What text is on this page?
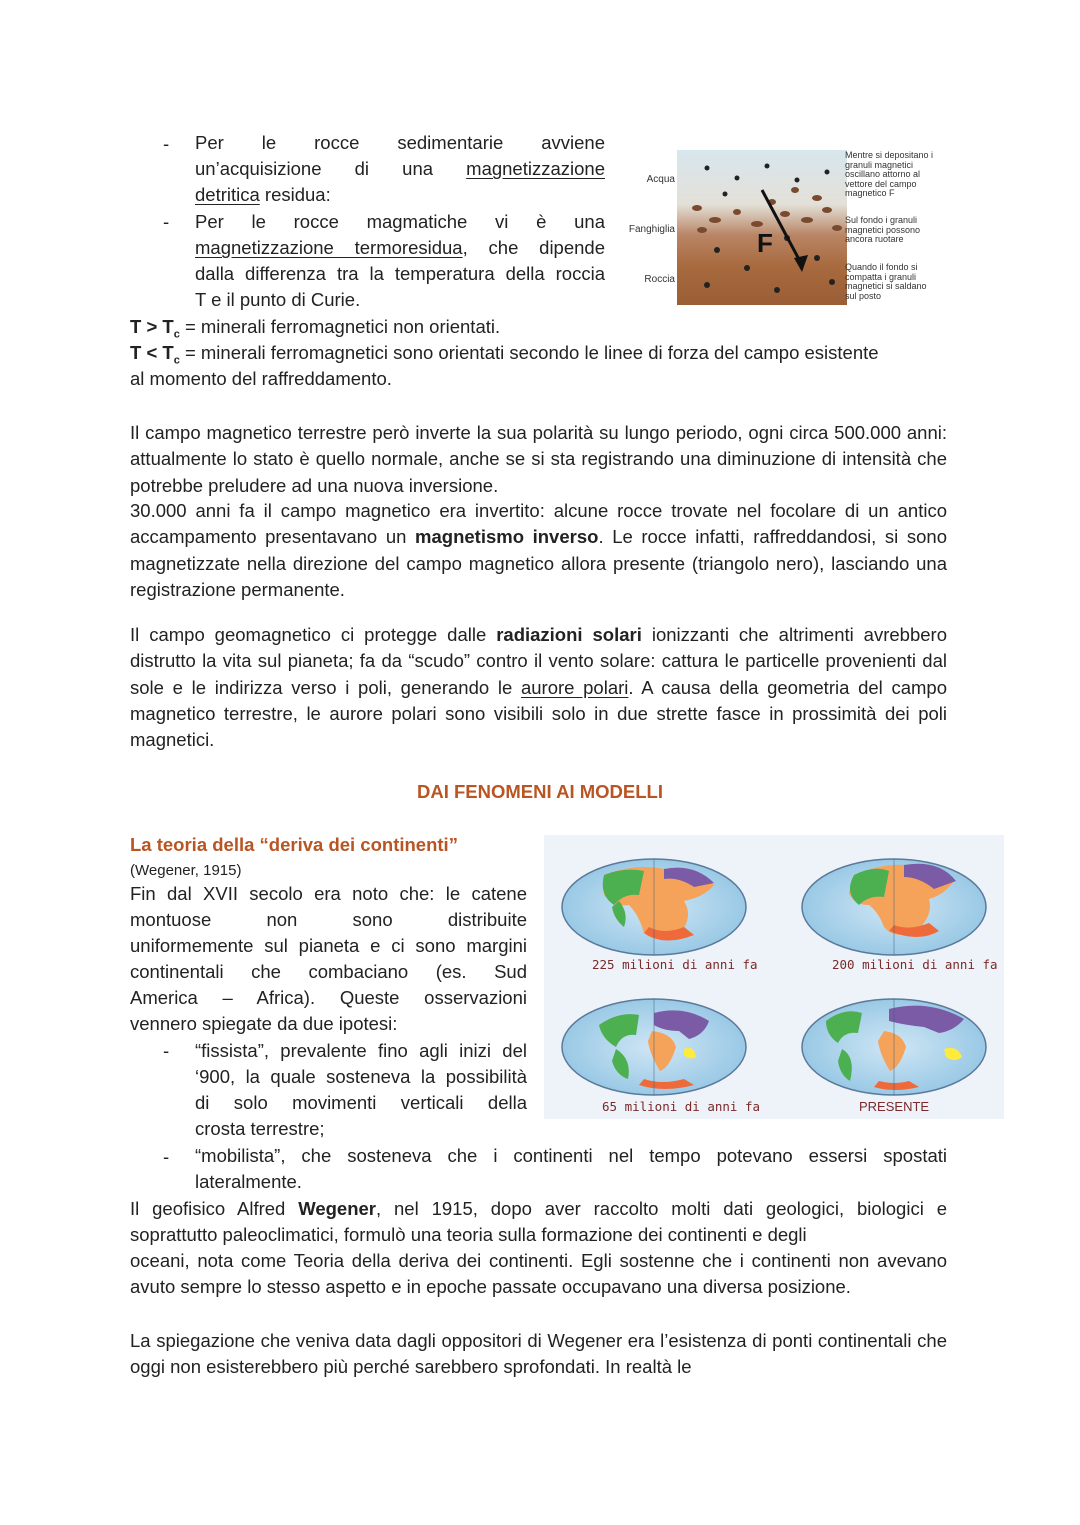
- Per le rocce sedimentarie avviene
un’acquisizione di una magnetizzazione
detritica residua:
- Per le rocce magmatiche vi è una
magnetizzazione termoresidua, che dipende
dalla differenza tra la temperatura della roccia
T e il punto di Curie.
$T > T_c$ = minerali ferromagnetici non orientati.
$T < T_c$ = minerali ferromagnetici sono orientati secondo le linee di forza del campo esistente
al momento del raffreddamento.
Acqua
Fanghiglia
Roccia
F
Mentre si depositano i granuli magnetici oscillano attorno al vettore del campo magnetico F
Sul fondo i granuli magnetici possono ancora ruotare
Quando il fondo si compatta i granuli magnetici si saldano sul posto
Il campo magnetico terrestre però inverte la sua polarità su lungo periodo, ogni circa 500.000 anni: attualmente lo stato è quello normale, anche se si sta registrando una diminuzione di intensità che potrebbe preludere ad una nuova inversione.
30.000 anni fa il campo magnetico era invertito: alcune rocce trovate nel focolare di un antico accampamento presentavano un magnetismo inverso. Le rocce infatti, raffreddandosi, si sono magnetizzate nella direzione del campo magnetico allora presente (triangolo nero), lasciando una registrazione permanente.
Il campo geomagnetico ci protegge dalle radiazioni solari ionizzanti che altrimenti avrebbero distrutto la vita sul pianeta; fa da “scudo” contro il vento solare: cattura le particelle provenienti dal sole e le indirizza verso i poli, generando le aurore polari. A causa della geometria del campo magnetico terrestre, le aurore polari sono visibili solo in due strette fasce in prossimità dei poli magnetici.
DAI FENOMENI AI MODELLI
La teoria della “deriva dei continenti”
(Wegener, 1915)
Fin dal XVII secolo era noto che: le catene
montuose non sono distribuite
uniformemente sul pianeta e ci sono margini
continentali che combaciano (es. Sud
America – Africa). Queste osservazioni
vennero spiegate da due ipotesi:
- “fissista”, prevalente fino agli inizi del
‘900, la quale sosteneva la possibilità
di solo movimenti verticali della
crosta terrestre;
- “mobilista”, che sosteneva che i continenti nel tempo potevano essersi spostati
lateralmente.
225 milioni di anni fa	200 milioni di anni fa
65 milioni di anni fa	PRESENTE
Il geofisico Alfred Wegener, nel 1915, dopo aver raccolto molti dati geologici, biologici e
soprattutto paleoclimatici, formulò una teoria sulla formazione dei continenti e degli
oceani, nota come Teoria della deriva dei continenti. Egli sostenne che i continenti non avevano avuto sempre lo stesso aspetto e in epoche passate occupavano una diversa posizione.
La spiegazione che veniva data dagli oppositori di Wegener era l’esistenza di ponti continentali che oggi non esisterebbero più perché sarebbero sprofondati. In realtà le
